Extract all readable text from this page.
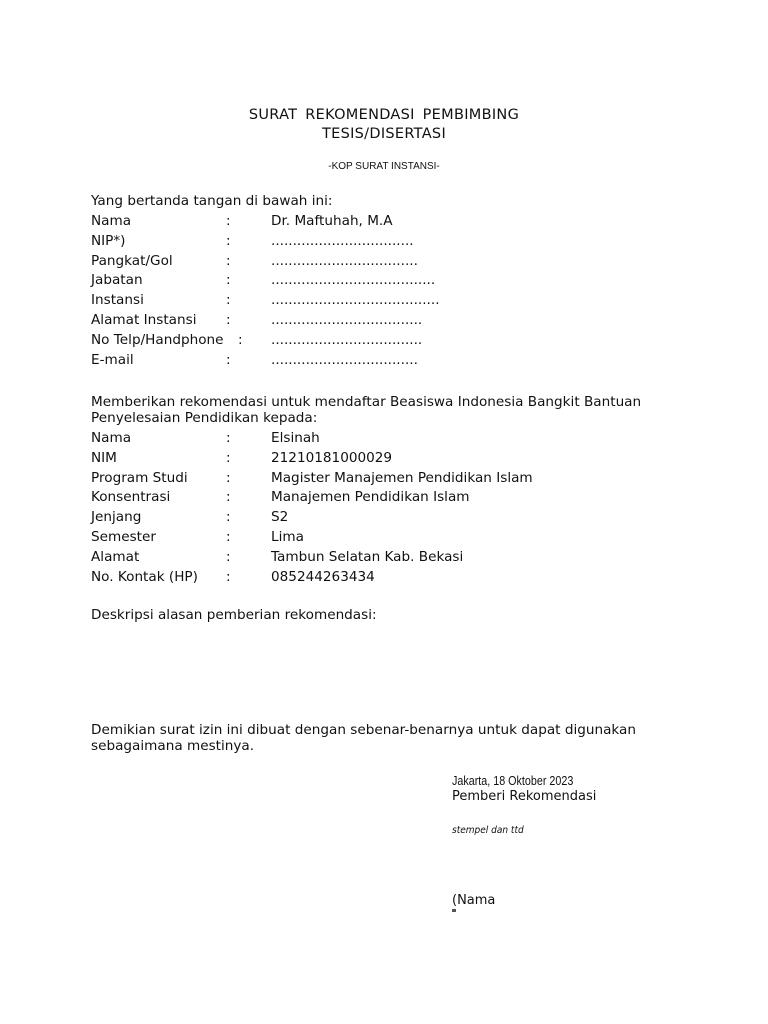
SURAT REKOMENDASI PEMBIMBING
TESIS/DISERTASI
-KOP SURAT INSTANSI-
Yang bertanda tangan di bawah ini:
Nama	:	Dr. Maftuhah, M.A
NIP*)	:	.................................
Pangkat/Gol	:	..................................
Jabatan	:	......................................
Instansi	:	.......................................
Alamat Instansi :	...................................
No Telp/Handphone : ...................................
E-mail	:	..................................
Memberikan rekomendasi untuk mendaftar Beasiswa Indonesia Bangkit Bantuan Penyelesaian Pendidikan kepada:
Nama	:	Elsinah
NIM	:	21210181000029
Program Studi	:	Magister Manajemen Pendidikan Islam
Konsentrasi	:	Manajemen Pendidikan Islam
Jenjang	:	S2
Semester	:	Lima
Alamat	:	Tambun Selatan Kab. Bekasi
No. Kontak (HP) :	085244263434
Deskripsi alasan pemberian rekomendasi:
Demikian surat izin ini dibuat dengan sebenar-benarnya untuk dapat digunakan sebagaimana mestinya.
Jakarta, 18 Oktober 2023
Pemberi Rekomendasi
stempel dan ttd
(Nama
